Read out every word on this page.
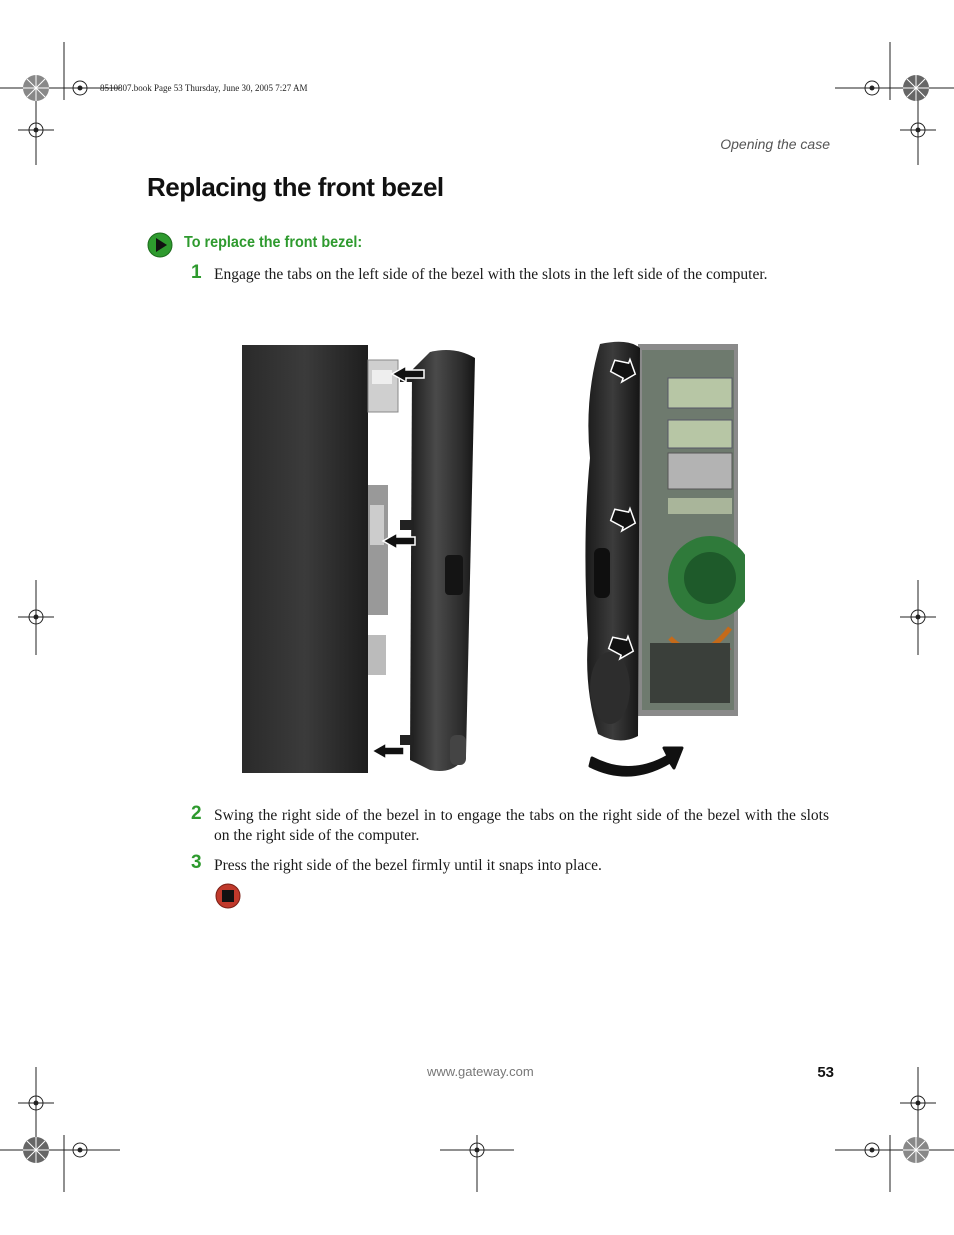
8510807.book Page 53 Thursday, June 30, 2005 7:27 AM
Opening the case
Replacing the front bezel
To replace the front bezel:
1 Engage the tabs on the left side of the bezel with the slots in the left side of the computer.
2 Swing the right side of the bezel in to engage the tabs on the right side of the bezel with the slots on the right side of the computer.
3 Press the right side of the bezel firmly until it snaps into place.
www.gateway.com	53
